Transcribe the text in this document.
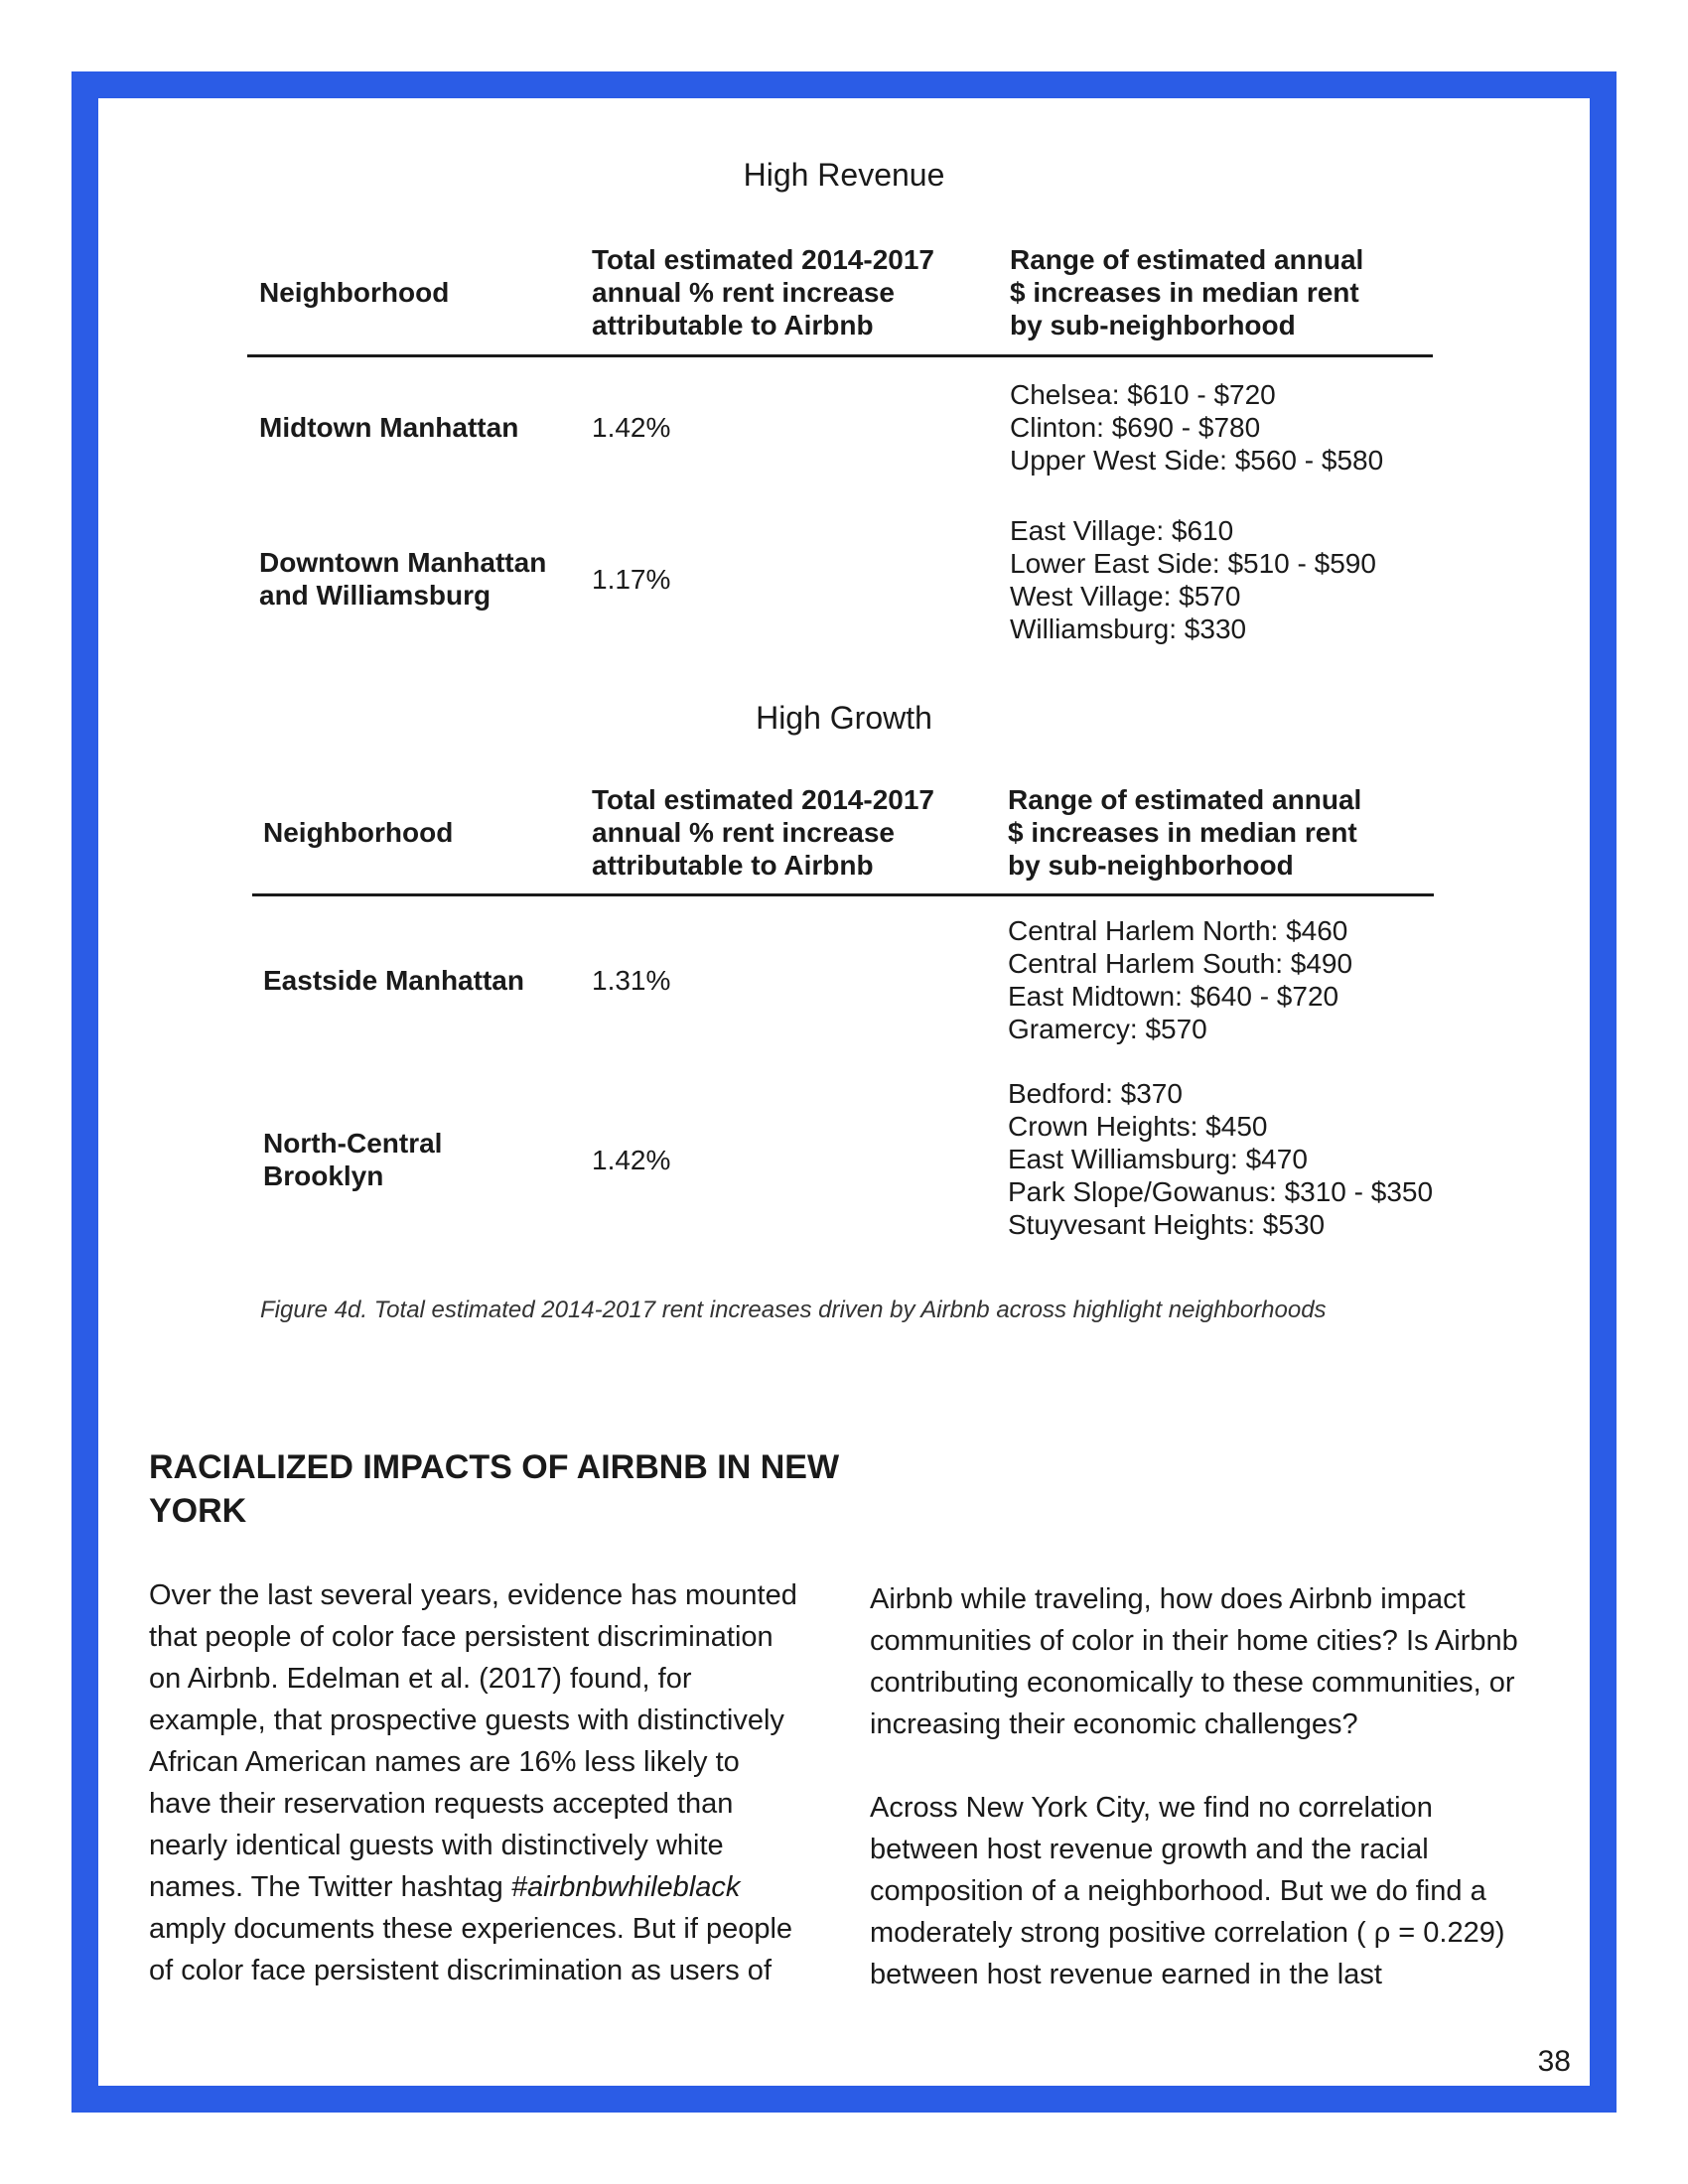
High Revenue
Neighborhood
Total estimated 2014-2017
annual % rent increase
attributable to Airbnb
Range of estimated annual
$ increases in median rent
by sub-neighborhood
Midtown Manhattan	1.42%
Chelsea: $610 - $720
Clinton: $690 - $780
Upper West Side: $560 - $580
Downtown Manhattan
and Williamsburg
1.17%
East Village: $610
Lower East Side: $510 - $590
West Village: $570
Williamsburg: $330
High Growth
Neighborhood
Total estimated 2014-2017
annual % rent increase
attributable to Airbnb
Range of estimated annual
$ increases in median rent
by sub-neighborhood
Eastside Manhattan 1.31%
Central Harlem North: $460
Central Harlem South: $490
East Midtown: $640 - $720
Gramercy: $570
North-Central
Brooklyn
1.42%
Bedford: $370
Crown Heights: $450
East Williamsburg: $470
Park Slope/Gowanus: $310 - $350
Stuyvesant Heights: $530
Figure 4d. Total estimated 2014-2017 rent increases driven by Airbnb across highlight neighborhoods
RACIALIZED IMPACTS OF AIRBNB IN NEW YORK

Over the last several years, evidence has mounted that people of color face persistent discrimination on Airbnb. Edelman et al. (2017) found, for example, that prospective guests with distinctively African American names are 16% less likely to have their reservation requests accepted than nearly identical guests with distinctively white names. The Twitter hashtag #airbnbwhileblack amply documents these experiences. But if people of color face persistent discrimination as users of

Airbnb while traveling, how does Airbnb impact communities of color in their home cities? Is Airbnb contributing economically to these communities, or increasing their economic challenges?

Across New York City, we find no correlation between host revenue growth and the racial composition of a neighborhood. But we do find a moderately strong positive correlation ( ρ = 0.229) between host revenue earned in the last

38
